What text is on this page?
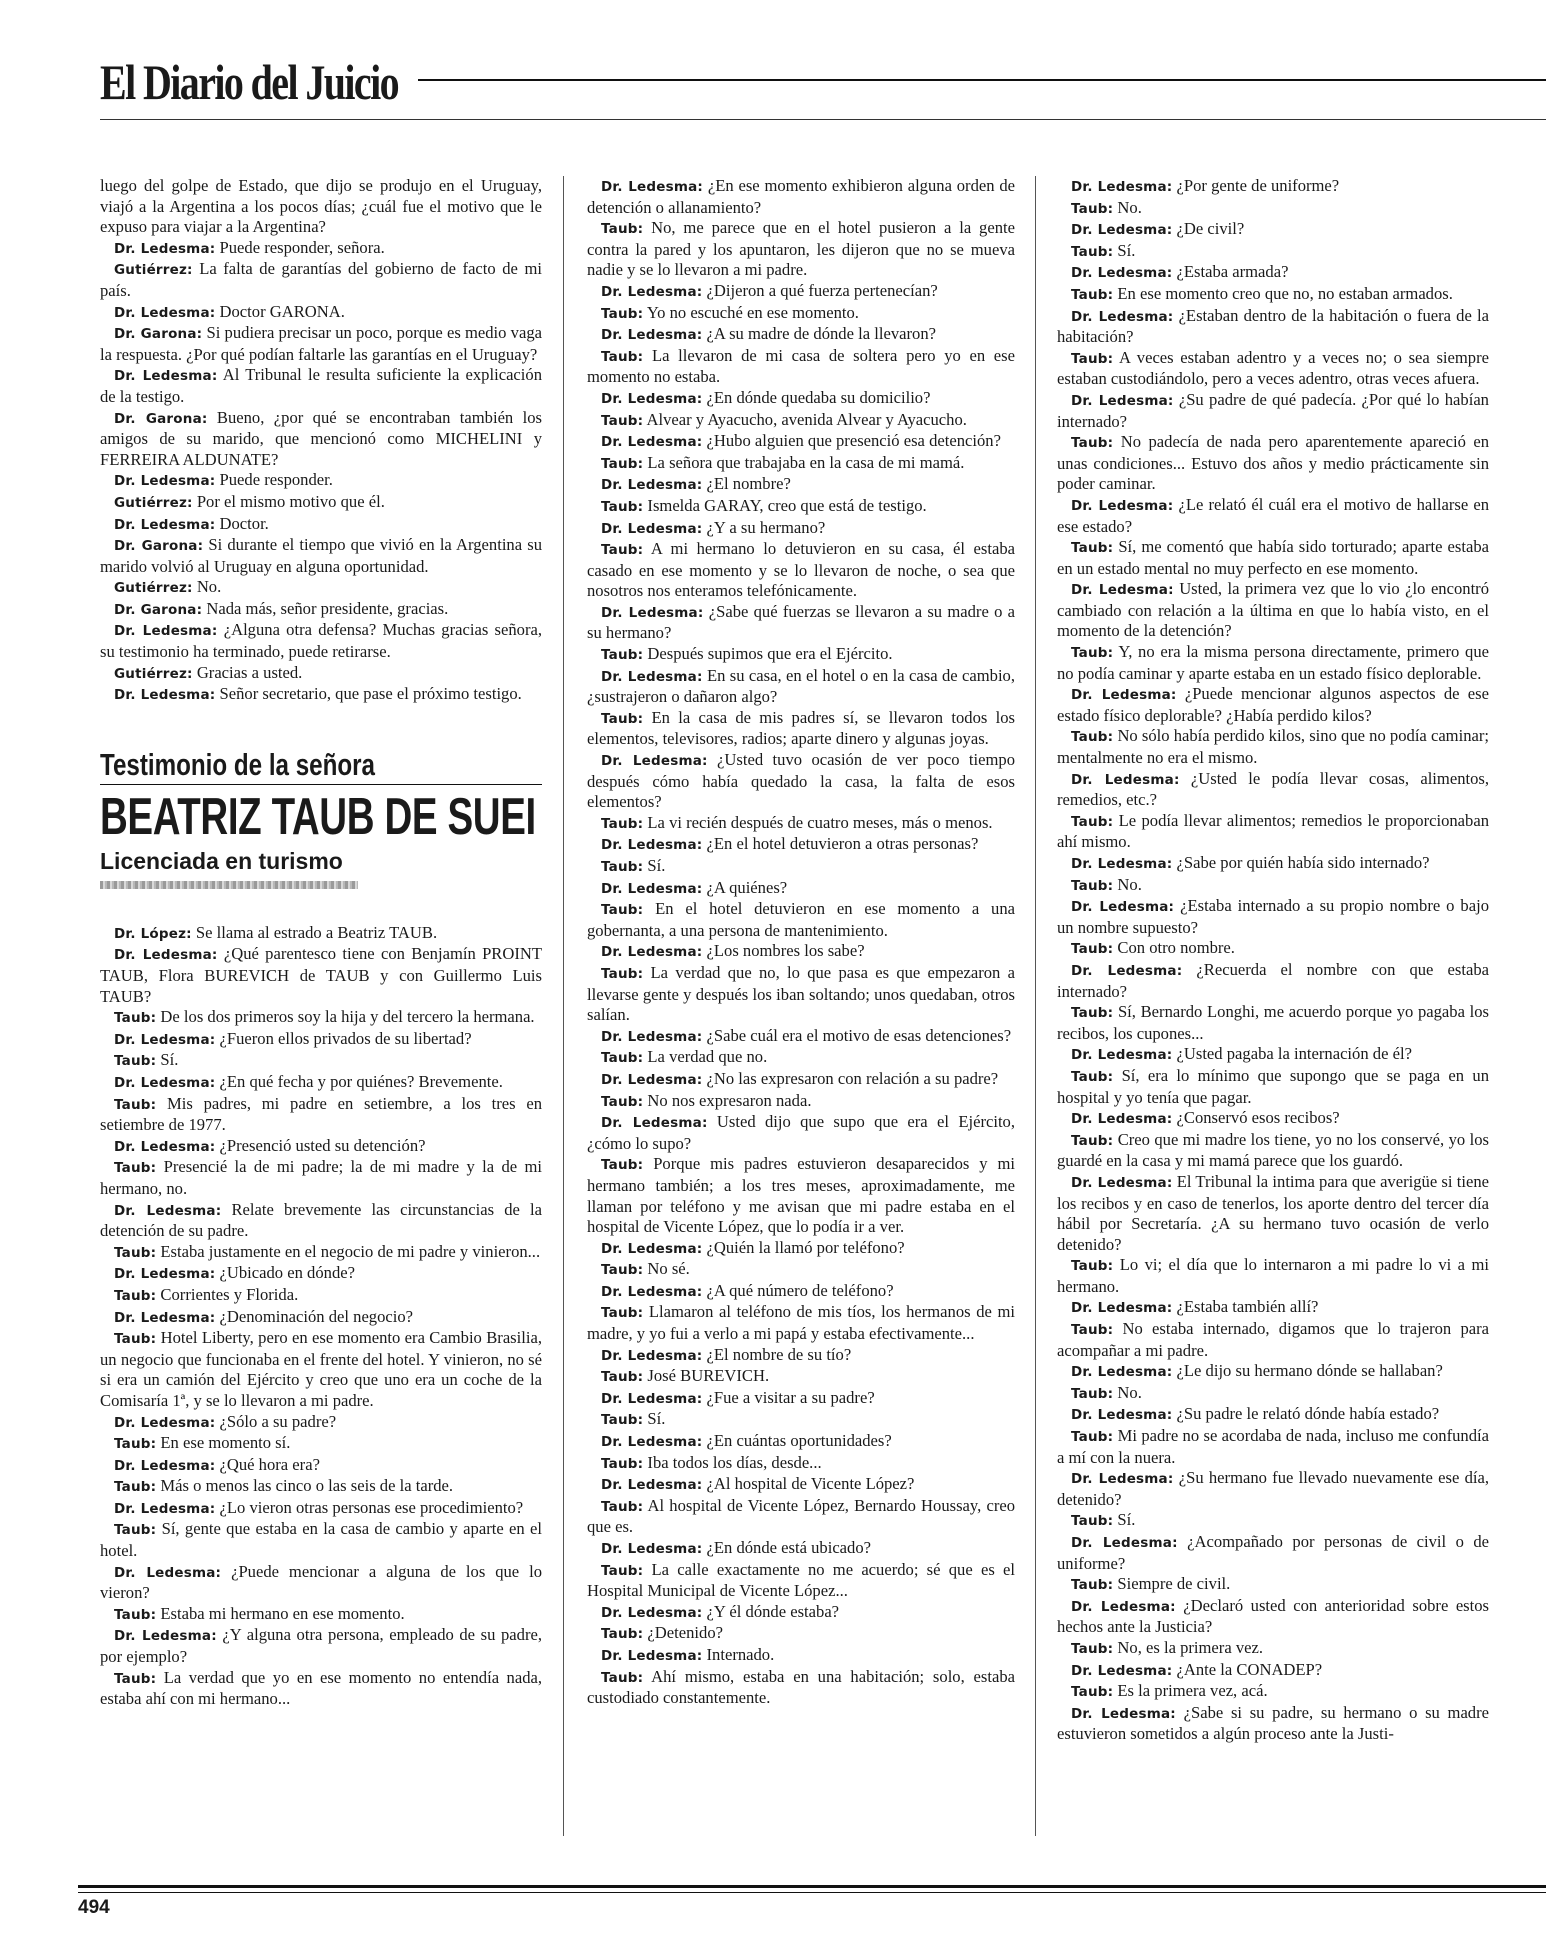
El Diario del Juicio

luego del golpe de Estado, que dijo se produjo en el Uruguay, viajó a la Argentina a los pocos días; ¿cuál fue el motivo que le expuso para viajar a la Argentina?

Dr. Ledesma: Puede responder, señora.

Gutiérrez: La falta de garantías del gobierno de facto de mi país.

Dr. Ledesma: Doctor GARONA.

Dr. Garona: Si pudiera precisar un poco, porque es medio vaga la respuesta. ¿Por qué podían faltarle las garantías en el Uruguay?

Dr. Ledesma: Al Tribunal le resulta suficiente la explicación de la testigo.

Dr. Garona: Bueno, ¿por qué se encontraban también los amigos de su marido, que mencionó como MICHELINI y FERREIRA ALDUNATE?

Dr. Ledesma: Puede responder.

Gutiérrez: Por el mismo motivo que él.

Dr. Ledesma: Doctor.

Dr. Garona: Si durante el tiempo que vivió en la Argentina su marido volvió al Uruguay en alguna oportunidad.

Gutiérrez: No.

Dr. Garona: Nada más, señor presidente, gracias.

Dr. Ledesma: ¿Alguna otra defensa? Muchas gracias señora, su testimonio ha terminado, puede retirarse.

Gutiérrez: Gracias a usted.

Dr. Ledesma: Señor secretario, que pase el próximo testigo.

Testimonio de la señora
BEATRIZ TAUB DE SUEI
Licenciada en turismo

Dr. López: Se llama al estrado a Beatriz TAUB.

Dr. Ledesma: ¿Qué parentesco tiene con Benjamín PROINT TAUB, Flora BUREVICH de TAUB y con Guillermo Luis TAUB?

Taub: De los dos primeros soy la hija y del tercero la hermana.

Dr. Ledesma: ¿Fueron ellos privados de su libertad?

Taub: Sí.

Dr. Ledesma: ¿En qué fecha y por quiénes? Brevemente.

Taub: Mis padres, mi padre en setiembre, a los tres en setiembre de 1977.

Dr. Ledesma: ¿Presenció usted su detención?

Taub: Presencié la de mi padre; la de mi madre y la de mi hermano, no.

Dr. Ledesma: Relate brevemente las circunstancias de la detención de su padre.

Taub: Estaba justamente en el negocio de mi padre y vinieron...

Dr. Ledesma: ¿Ubicado en dónde?

Taub: Corrientes y Florida.

Dr. Ledesma: ¿Denominación del negocio?

Taub: Hotel Liberty, pero en ese momento era Cambio Brasilia, un negocio que funcionaba en el frente del hotel. Y vinieron, no sé si era un camión del Ejército y creo que uno era un coche de la Comisaría 1ª, y se lo llevaron a mi padre.

Dr. Ledesma: ¿Sólo a su padre?

Taub: En ese momento sí.

Dr. Ledesma: ¿Qué hora era?

Taub: Más o menos las cinco o las seis de la tarde.

Dr. Ledesma: ¿Lo vieron otras personas ese procedimiento?

Taub: Sí, gente que estaba en la casa de cambio y aparte en el hotel.

Dr. Ledesma: ¿Puede mencionar a alguna de los que lo vieron?

Taub: Estaba mi hermano en ese momento.

Dr. Ledesma: ¿Y alguna otra persona, empleado de su padre, por ejemplo?

Taub: La verdad que yo en ese momento no entendía nada, estaba ahí con mi hermano...

Dr. Ledesma: ¿En ese momento exhibieron alguna orden de detención o allanamiento?

Taub: No, me parece que en el hotel pusieron a la gente contra la pared y los apuntaron, les dijeron que no se mueva nadie y se lo llevaron a mi padre.

Dr. Ledesma: ¿Dijeron a qué fuerza pertenecían?

Taub: Yo no escuché en ese momento.

Dr. Ledesma: ¿A su madre de dónde la llevaron?

Taub: La llevaron de mi casa de soltera pero yo en ese momento no estaba.

Dr. Ledesma: ¿En dónde quedaba su domicilio?

Taub: Alvear y Ayacucho, avenida Alvear y Ayacucho.

Dr. Ledesma: ¿Hubo alguien que presenció esa detención?

Taub: La señora que trabajaba en la casa de mi mamá.

Dr. Ledesma: ¿El nombre?

Taub: Ismelda GARAY, creo que está de testigo.

Dr. Ledesma: ¿Y a su hermano?

Taub: A mi hermano lo detuvieron en su casa, él estaba casado en ese momento y se lo llevaron de noche, o sea que nosotros nos enteramos telefónicamente.

Dr. Ledesma: ¿Sabe qué fuerzas se llevaron a su madre o a su hermano?

Taub: Después supimos que era el Ejército.

Dr. Ledesma: En su casa, en el hotel o en la casa de cambio, ¿sustrajeron o dañaron algo?

Taub: En la casa de mis padres sí, se llevaron todos los elementos, televisores, radios; aparte dinero y algunas joyas.

Dr. Ledesma: ¿Usted tuvo ocasión de ver poco tiempo después cómo había quedado la casa, la falta de esos elementos?

Taub: La vi recién después de cuatro meses, más o menos.

Dr. Ledesma: ¿En el hotel detuvieron a otras personas?

Taub: Sí.

Dr. Ledesma: ¿A quiénes?

Taub: En el hotel detuvieron en ese momento a una gobernanta, a una persona de mantenimiento.

Dr. Ledesma: ¿Los nombres los sabe?

Taub: La verdad que no, lo que pasa es que empezaron a llevarse gente y después los iban soltando; unos quedaban, otros salían.

Dr. Ledesma: ¿Sabe cuál era el motivo de esas detenciones?

Taub: La verdad que no.

Dr. Ledesma: ¿No las expresaron con relación a su padre?

Taub: No nos expresaron nada.

Dr. Ledesma: Usted dijo que supo que era el Ejército, ¿cómo lo supo?

Taub: Porque mis padres estuvieron desaparecidos y mi hermano también; a los tres meses, aproximadamente, me llaman por teléfono y me avisan que mi padre estaba en el hospital de Vicente López, que lo podía ir a ver.

Dr. Ledesma: ¿Quién la llamó por teléfono?

Taub: No sé.

Dr. Ledesma: ¿A qué número de teléfono?

Taub: Llamaron al teléfono de mis tíos, los hermanos de mi madre, y yo fui a verlo a mi papá y estaba efectivamente...

Dr. Ledesma: ¿El nombre de su tío?

Taub: José BUREVICH.

Dr. Ledesma: ¿Fue a visitar a su padre?

Taub: Sí.

Dr. Ledesma: ¿En cuántas oportunidades?

Taub: Iba todos los días, desde...

Dr. Ledesma: ¿Al hospital de Vicente López?

Taub: Al hospital de Vicente López, Bernardo Houssay, creo que es.

Dr. Ledesma: ¿En dónde está ubicado?

Taub: La calle exactamente no me acuerdo; sé que es el Hospital Municipal de Vicente López...

Dr. Ledesma: ¿Y él dónde estaba?

Taub: ¿Detenido?

Dr. Ledesma: Internado.

Taub: Ahí mismo, estaba en una habitación; solo, estaba custodiado constantemente.

Dr. Ledesma: ¿Por gente de uniforme?

Taub: No.

Dr. Ledesma: ¿De civil?

Taub: Sí.

Dr. Ledesma: ¿Estaba armada?

Taub: En ese momento creo que no, no estaban armados.

Dr. Ledesma: ¿Estaban dentro de la habitación o fuera de la habitación?

Taub: A veces estaban adentro y a veces no; o sea siempre estaban custodiándolo, pero a veces adentro, otras veces afuera.

Dr. Ledesma: ¿Su padre de qué padecía. ¿Por qué lo habían internado?

Taub: No padecía de nada pero aparentemente apareció en unas condiciones... Estuvo dos años y medio prácticamente sin poder caminar.

Dr. Ledesma: ¿Le relató él cuál era el motivo de hallarse en ese estado?

Taub: Sí, me comentó que había sido torturado; aparte estaba en un estado mental no muy perfecto en ese momento.

Dr. Ledesma: Usted, la primera vez que lo vio ¿lo encontró cambiado con relación a la última en que lo había visto, en el momento de la detención?

Taub: Y, no era la misma persona directamente, primero que no podía caminar y aparte estaba en un estado físico deplorable.

Dr. Ledesma: ¿Puede mencionar algunos aspectos de ese estado físico deplorable? ¿Había perdido kilos?

Taub: No sólo había perdido kilos, sino que no podía caminar; mentalmente no era el mismo.

Dr. Ledesma: ¿Usted le podía llevar cosas, alimentos, remedios, etc.?

Taub: Le podía llevar alimentos; remedios le proporcionaban ahí mismo.

Dr. Ledesma: ¿Sabe por quién había sido internado?

Taub: No.

Dr. Ledesma: ¿Estaba internado a su propio nombre o bajo un nombre supuesto?

Taub: Con otro nombre.

Dr. Ledesma: ¿Recuerda el nombre con que estaba internado?

Taub: Sí, Bernardo Longhi, me acuerdo porque yo pagaba los recibos, los cupones...

Dr. Ledesma: ¿Usted pagaba la internación de él?

Taub: Sí, era lo mínimo que supongo que se paga en un hospital y yo tenía que pagar.

Dr. Ledesma: ¿Conservó esos recibos?

Taub: Creo que mi madre los tiene, yo no los conservé, yo los guardé en la casa y mi mamá parece que los guardó.

Dr. Ledesma: El Tribunal la intima para que averigüe si tiene los recibos y en caso de tenerlos, los aporte dentro del tercer día hábil por Secretaría. ¿A su hermano tuvo ocasión de verlo detenido?

Taub: Lo vi; el día que lo internaron a mi padre lo vi a mi hermano.

Dr. Ledesma: ¿Estaba también allí?

Taub: No estaba internado, digamos que lo trajeron para acompañar a mi padre.

Dr. Ledesma: ¿Le dijo su hermano dónde se hallaban?

Taub: No.

Dr. Ledesma: ¿Su padre le relató dónde había estado?

Taub: Mi padre no se acordaba de nada, incluso me confundía a mí con la nuera.

Dr. Ledesma: ¿Su hermano fue llevado nuevamente ese día, detenido?

Taub: Sí.

Dr. Ledesma: ¿Acompañado por personas de civil o de uniforme?

Taub: Siempre de civil.

Dr. Ledesma: ¿Declaró usted con anterioridad sobre estos hechos ante la Justicia?

Taub: No, es la primera vez.

Dr. Ledesma: ¿Ante la CONADEP?

Taub: Es la primera vez, acá.

Dr. Ledesma: ¿Sabe si su padre, su hermano o su madre estuvieron sometidos a algún proceso ante la Justi-

494
